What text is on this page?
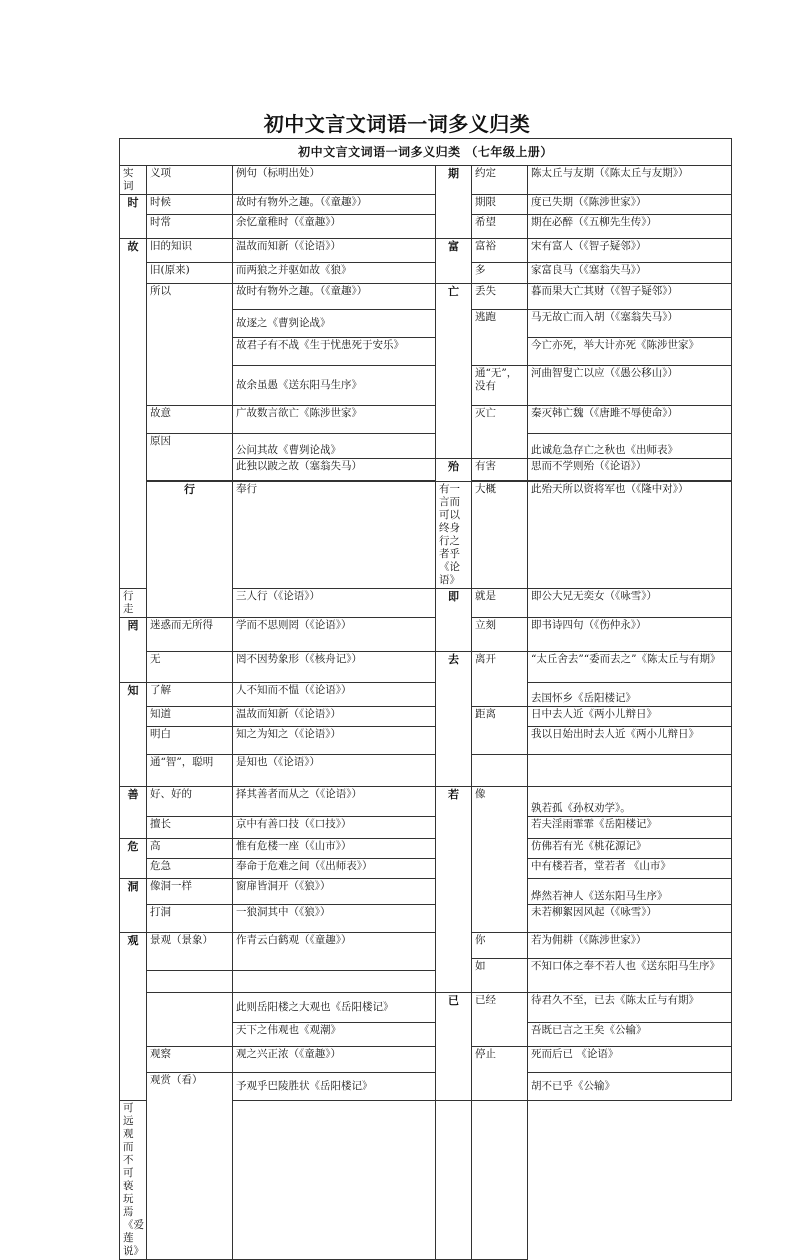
初中文言文词语一词多义归类
初中文言文词语一词多义归类 （七年级上册）					
实词	义项	例句（标明出处）	期	约定	陈太丘与友期（《陈太丘与友期》）
时	时候	故时有物外之趣。（《童趣》）		期限	度已失期（《陈涉世家》）
	时常	余忆童稚时（《童趣》）		希望	期在必醉（《五柳先生传》）
故	旧的知识	温故而知新（《论语》）	富	富裕	宋有富人（《智子疑邻》）
	旧(原来)	而两狼之并驱如故《狼》		多	家富良马（《塞翁失马》）
	所以	故时有物外之趣。（《童趣》）	亡	丢失	暮而果大亡其财（《智子疑邻》）
		故逐之《曹刿论战》		逃跑	马无故亡而入胡（《塞翁失马》）
		故君子有不战《生于忧患死于安乐》			今亡亦死，举大计亦死《陈涉世家》
		故余虽愚《送东阳马生序》		通“无”，没有	河曲智叟亡以应（《愚公移山》）
	故意	广故数言欲亡《陈涉世家》		灭亡	秦灭韩亡魏（《唐雎不辱使命》）
	原因	公问其故《曹刿论战》			此诚危急存亡之秋也《出师表》
		此独以跛之故（塞翁失马）	殆	有害	思而不学则殆（《论语》）

	行	奉行	有一言而可以终身行之者乎《论语》	大概	此殆天所以资将军也（《隆中对》）
行走		三人行（《论语》）	即	就是	即公大兄无奕女（《咏雪》）
罔	迷惑而无所得	学而不思则罔（《论语》）		立刻	即书诗四句（《伤仲永》）
	无	罔不因势象形（《核舟记》）	去	离开	“太丘舍去”“委而去之”《陈太丘与有期》
知	了解	人不知而不愠（《论语》）			去国怀乡《岳阳楼记》
	知道	温故而知新（《论语》）		距离	日中去人近《两小儿辩日》
	明白	知之为知之（《论语》）			我以日始出时去人近《两小儿辩日》
	通“智”，聪明	是知也（《论语》）			
善	好、好的	择其善者而从之（《论语》）	若	像	孰若孤《孙权劝学》。
	擅长	京中有善口技（《口技》）			若夫淫雨霏霏《岳阳楼记》
危	高	惟有危楼一座（《山市》）			仿佛若有光《桃花源记》
	危急	奉命于危难之间（《出师表》）			中有楼若者，堂若者 《山市》
洞	像洞一样	窗扉皆洞开（《狼》）			烨然若神人《送东阳马生序》
	打洞	一狼洞其中（《狼》）			未若柳絮因风起（《咏雪》）
观	景观（景象）	作青云白鹤观（《童趣》）		你	若为佣耕（《陈涉世家》）
				如	不知口体之奉不若人也《送东阳马生序》

		此则岳阳楼之大观也《岳阳楼记》	已	已经	待君久不至，已去《陈太丘与有期》
		天下之伟观也《观潮》			吾既已言之王矣《公输》
	观察	观之兴正浓（《童趣》）		停止	死而后已 《论语》
	观赏（看）	予观乎巴陵胜状《岳阳楼记》			胡不已乎《公输》
可远观而不可亵玩焉《爱莲说》					
